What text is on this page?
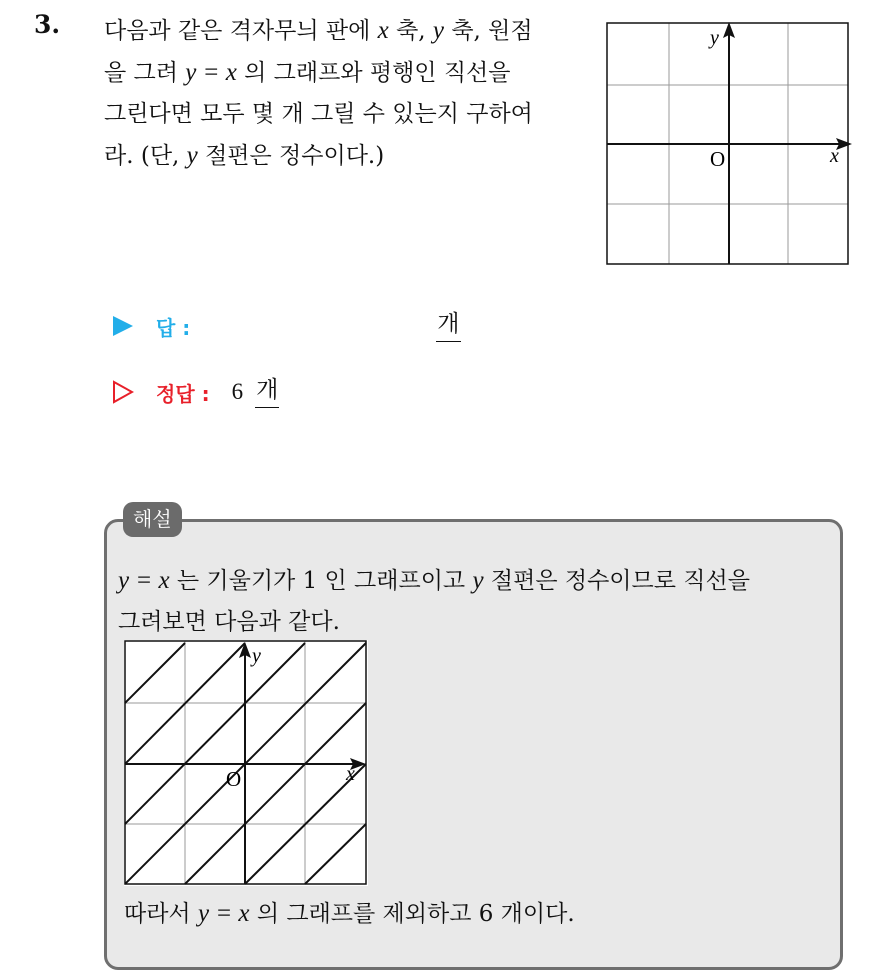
3. 다음과 같은 격자무늬 판에 x 축, y 축, 원점
을 그려 y = x 의 그래프와 평행인 직선을
그린다면 모두 몇 개 그릴 수 있는지 구하여
라. (단, y 절편은 정수이다.)

y
x
O
답 :	개
정답 : 6 개
해설

y = x 는 기울기가 1 인 그래프이고 y 절편은 정수이므로 직선을
그려보면 다음과 같다.

y
x
O

따라서 y = x 의 그래프를 제외하고 6 개이다.
